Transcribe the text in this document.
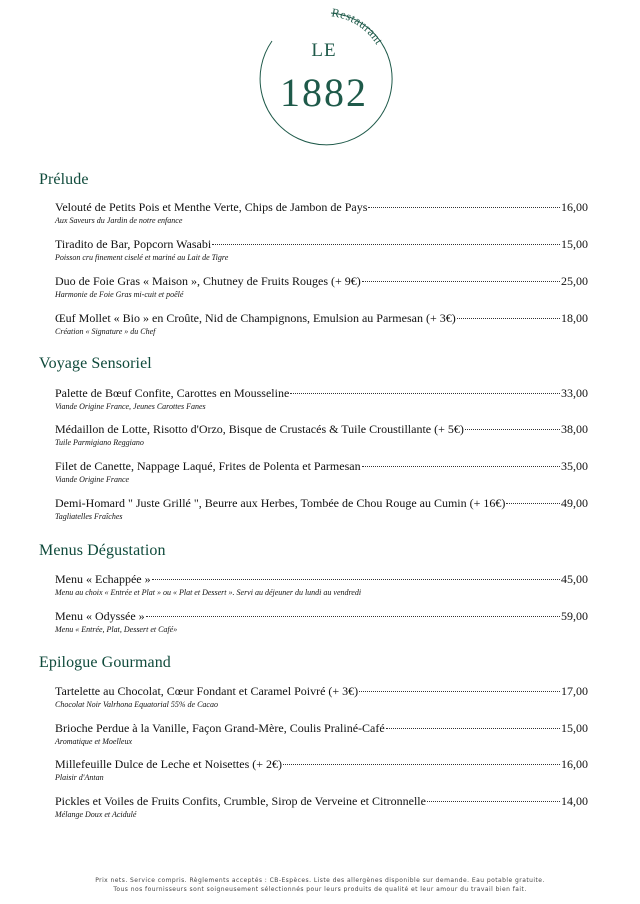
Restaurant
LE
1882
Prélude
Velouté de Petits Pois et Menthe Verte, Chips de Jambon de Pays	16,00
Aux Saveurs du Jardin de notre enfance
Tiradito de Bar, Popcorn Wasabi	15,00
Poisson cru finement ciselé et mariné au Lait de Tigre
Duo de Foie Gras « Maison », Chutney de Fruits Rouges (+ 9€)	25,00
Harmonie de Foie Gras mi-cuit et poêlé
Œuf Mollet « Bio » en Croûte, Nid de Champignons, Emulsion au Parmesan (+ 3€)	18,00
Création « Signature » du Chef
Voyage Sensoriel
Palette de Bœuf Confite, Carottes en Mousseline	33,00
Viande Origine France, Jeunes Carottes Fanes
Médaillon de Lotte, Risotto d'Orzo, Bisque de Crustacés & Tuile Croustillante (+ 5€)	38,00
Tuile Parmigiano Reggiano
Filet de Canette, Nappage Laqué, Frites de Polenta et Parmesan	35,00
Viande Origine France
Demi-Homard " Juste Grillé ", Beurre aux Herbes, Tombée de Chou Rouge au Cumin (+ 16€)	49,00
Tagliatelles Fraîches
Menus Dégustation
Menu « Echappée »	45,00
Menu au choix « Entrée et Plat » ou « Plat et Dessert ». Servi au déjeuner du lundi au vendredi
Menu « Odyssée »	59,00
Menu « Entrée, Plat, Dessert et Café»
Epilogue Gourmand
Tartelette au Chocolat, Cœur Fondant et Caramel Poivré (+ 3€)	17,00
Chocolat Noir Valrhona Equatorial 55% de Cacao
Brioche Perdue à la Vanille, Façon Grand-Mère, Coulis Praliné-Café	15,00
Aromatique et Moelleux
Millefeuille Dulce de Leche et Noisettes (+ 2€)	16,00
Plaisir d'Antan
Pickles et Voiles de Fruits Confits, Crumble, Sirop de Verveine et Citronnelle	14,00
Mélange Doux et Acidulé
Prix nets. Service compris. Règlements acceptés : CB-Espèces. Liste des allergènes disponible sur demande. Eau potable gratuite.
Tous nos fournisseurs sont soigneusement sélectionnés pour leurs produits de qualité et leur amour du travail bien fait.
